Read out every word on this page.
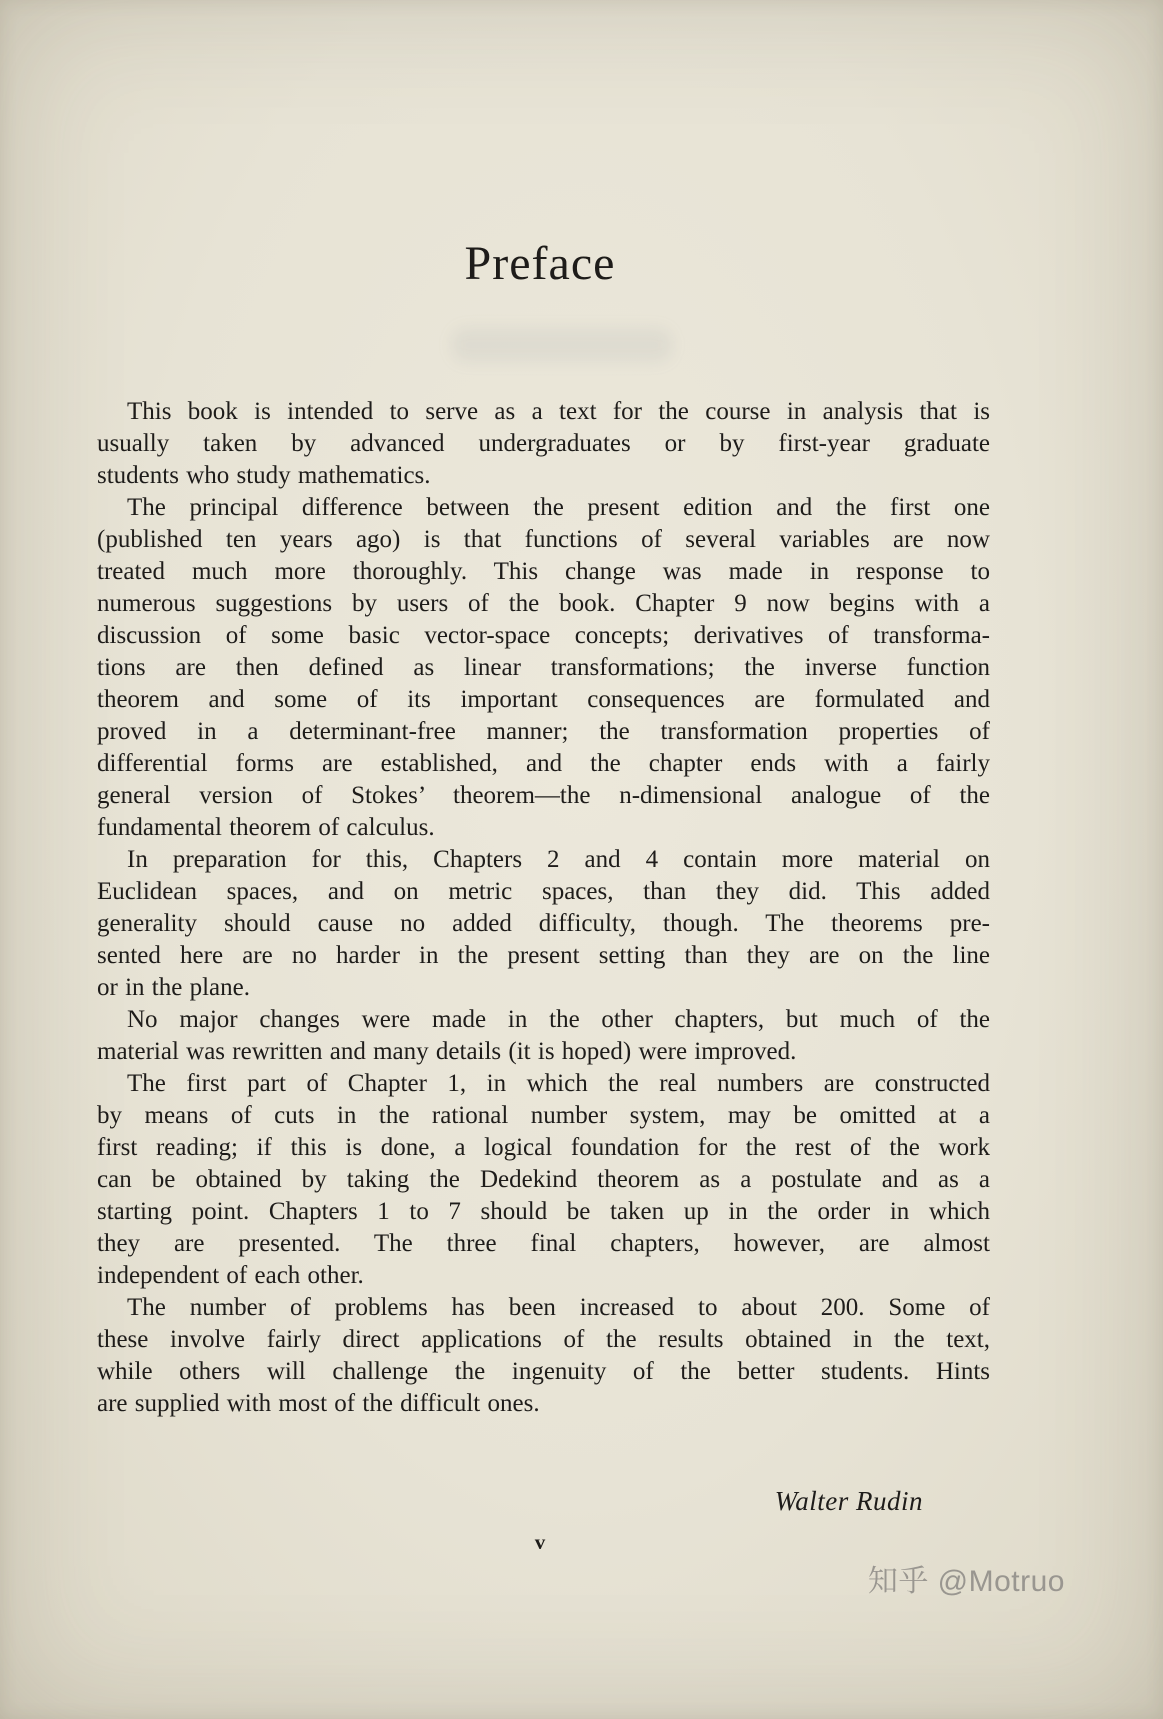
Preface
This book is intended to serve as a text for the course in analysis that is
usually taken by advanced undergraduates or by first-year graduate
students who study mathematics.
The principal difference between the present edition and the first one
(published ten years ago) is that functions of several variables are now
treated much more thoroughly. This change was made in response to
numerous suggestions by users of the book. Chapter 9 now begins with a
discussion of some basic vector-space concepts; derivatives of transforma-
tions are then defined as linear transformations; the inverse function
theorem and some of its important consequences are formulated and
proved in a determinant-free manner; the transformation properties of
differential forms are established, and the chapter ends with a fairly
general version of Stokes’ theorem—the n-dimensional analogue of the
fundamental theorem of calculus.
In preparation for this, Chapters 2 and 4 contain more material on
Euclidean spaces, and on metric spaces, than they did. This added
generality should cause no added difficulty, though. The theorems pre-
sented here are no harder in the present setting than they are on the line
or in the plane.
No major changes were made in the other chapters, but much of the
material was rewritten and many details (it is hoped) were improved.
The first part of Chapter 1, in which the real numbers are constructed
by means of cuts in the rational number system, may be omitted at a
first reading; if this is done, a logical foundation for the rest of the work
can be obtained by taking the Dedekind theorem as a postulate and as a
starting point. Chapters 1 to 7 should be taken up in the order in which
they are presented. The three final chapters, however, are almost
independent of each other.
The number of problems has been increased to about 200. Some of
these involve fairly direct applications of the results obtained in the text,
while others will challenge the ingenuity of the better students. Hints
are supplied with most of the difficult ones.
Walter Rudin
v
知乎 @Motruo
